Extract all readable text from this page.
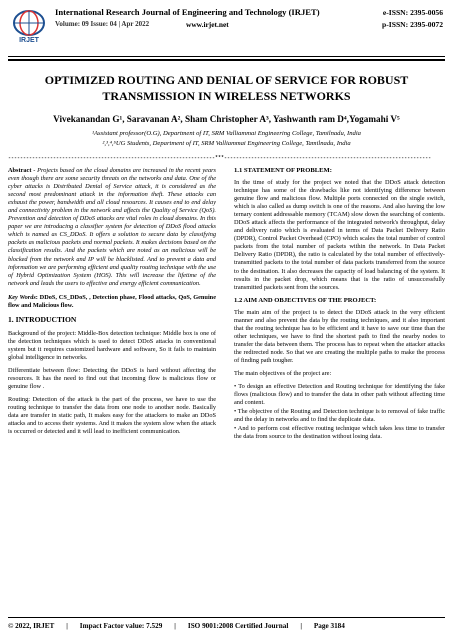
IRJET
International Research Journal of Engineering and Technology (IRJET)
Volume: 09 Issue: 04 | Apr 2022	www.irjet.net
e-ISSN: 2395-0056
p-ISSN: 2395-0072
OPTIMIZED ROUTING AND DENIAL OF SERVICE FOR ROBUST TRANSMISSION IN WIRELESS NETWORKS
Vivekanandan G¹, Saravanan A², Sham Christopher A³, Yashwanth ram D⁴,Yogamahi V⁵
¹Assistant professor(O.G), Department of IT, SRM Valliammai Engineering College, Tamilnadu, India
²,³,⁴,⁵UG Students, Department of IT, SRM Valliammai Engineering College, Tamilnadu, India
---------------------------------------------------------------------***---------------------------------------------------------------------

Abstract - Projects based on the cloud domains are increased in the recent years even though there are some security threats on the networks and data. One of the cyber attacks is Distributed Denial of Service attack, it is considered as the second most predominant attack in the information theft. These attacks can exhaust the power, bandwidth and all cloud resources. It causes end to end delay and connectivity problem in the network and affects the Quality of Service (QoS). Prevention and detection of DDoS attacks are vital roles in cloud domains. In this paper we are introducing a classifier system for detection of DDoS flood attacks which is named as CS_DDoS. It offers a solution to secure data by classifying packets as malicious packets and normal packets. It makes decisions based on the classification results. And the packets which are noted as an malicious will be blocked from the network and IP will be blacklisted. And to prevent a data and information we are performing efficient and quality routing technique with the use of Hybrid Optimization System (HOS). This will increase the lifetime of the network and leads the users to effective and energy efficient communication.

Key Words: DDoS, CS_DDoS, , Detection phase, Flood attacks, QoS, Genuine flow and Malicious flow.

1. INTRODUCTION

Background of the project: Middle-Box detection technique: Middle box is one of the detection techniques which is used to detect DDoS attacks in conventional system but it requires customized hardware and software, So it fails to maintain global intelligence in networks.

Differentiate between flow: Detecting the DDoS is hard without affecting the resources. It has the need to find out that incoming flow is malicious flow or genuine flow .

Routing: Detection of the attack is the part of the process, we have to use the routing technique to transfer the data from one node to another node. Basically data are transfer in static path, It makes easy for the attackers to make an DDoS attacks and to access their systems. And it makes the system slow when the attack is occurred or detected and it will lead to inefficient communication.

1.1 STATEMENT OF PROBLEM:

In the time of study for the project we noted that the DDoS attack detection technique has some of the drawbacks like not identifying difference between genuine flow and malicious flow. Multiple ports connected on the single switch, which is also called as dump switch is one of the reasons. And also having the low ternary content addressable memory (TCAM) slow down the searching of contents. DDoS attack affects the performance of the integrated network's throughput, delay and delivery ratio which is evaluated in terms of Data Packet Delivery Ratio (DPDR), Control Packet Overhead (CPO) which scales the total number of control packets from the total number of packets within the network. In Data Packet Delivery Ratio (DPDR), the ratio is calculated by the total number of effectively-transmitted packets to the total number of data packets transferred from the source to the destination. It also decreases the capacity of load balancing of the system. It results in the packet drop, which means that is the ratio of unsuccessfully transmitted packets sent from the sources.

1.2 AIM AND OBJECTIVES OF THE PROJECT:

The main aim of the project is to detect the DDoS attack in the very efficient manner and also prevent the data by the routing techniques, and it also important that the routing technique has to be efficient and it have to save our time than the other techniques, we have to find the shortest path to find the nearby nodes to transfer the data between them. The process has to repeat when the attacker attacks the redirected node. So that we are creating the multiple paths to make the process of finding path tougher.

The main objectives of the project are:

• To design an effective Detection and Routing technique for identifying the fake flows (malicious flow) and to transfer the data in other path without affecting time and content.

• The objective of the Routing and Detection technique is to removal of fake traffic and the delay in networks and to find the duplicate data.

• And to perform cost effective routing technique which takes less time to transfer the data from source to the destination without losing data.

© 2022, IRJET | Impact Factor value: 7.529 | ISO 9001:2008 Certified Journal | Page 3184
